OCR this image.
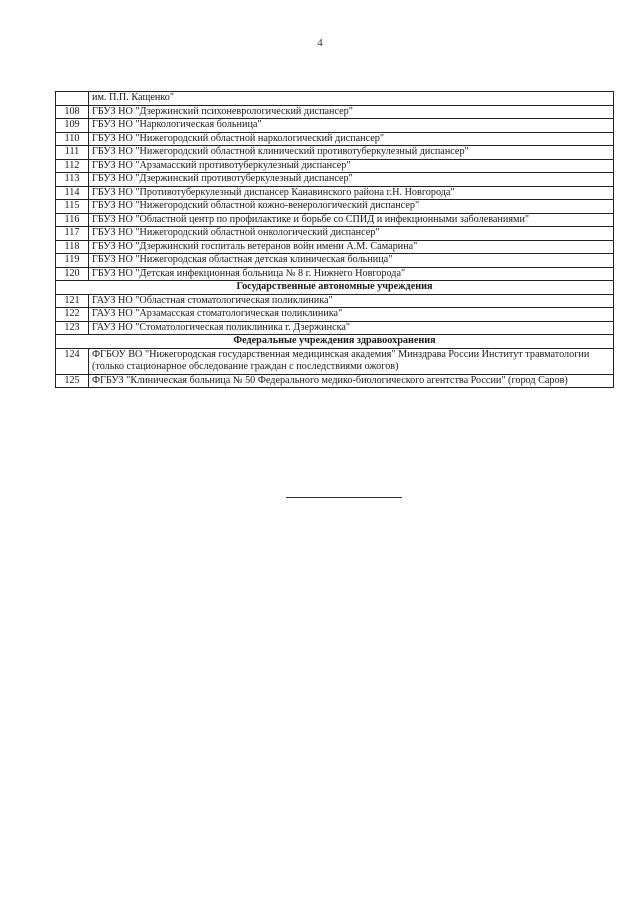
4
	им. П.П. Кащенко"
108	ГБУЗ НО "Дзержинский психоневрологический диспансер"
109	ГБУЗ НО "Наркологическая больница"
110	ГБУЗ НО "Нижегородский областной наркологический диспансер"
111	ГБУЗ НО "Нижегородский областной клинический противотуберкулезный диспансер"
112	ГБУЗ НО "Арзамасский противотуберкулезный диспансер"
113	ГБУЗ НО "Дзержинский противотуберкулезный диспансер"
114	ГБУЗ НО "Противотуберкулезный диспансер Канавинского района г.Н. Новгорода"
115	ГБУЗ НО "Нижегородский областной кожно-венерологический диспансер"
116	ГБУЗ НО "Областной центр по профилактике и борьбе со СПИД и инфекционными заболеваниями"
117	ГБУЗ НО "Нижегородский областной онкологический диспансер"
118	ГБУЗ НО "Дзержинский госпиталь ветеранов войн имени А.М. Самарина"
119	ГБУЗ НО "Нижегородская областная детская клиническая больница"
120	ГБУЗ НО "Детская инфекционная больница № 8 г. Нижнего Новгорода"
Государственные автономные учреждения	
121	ГАУЗ НО "Областная стоматологическая поликлиника"
122	ГАУЗ НО "Арзамасская стоматологическая поликлиника"
123	ГАУЗ НО "Стоматологическая поликлиника г. Дзержинска"
Федеральные учреждения здравоохранения	
124	ФГБОУ ВО "Нижегородская государственная медицинская академия" Минздрава России Институт травматологии (только стационарное обследование граждан с последствиями ожогов)
125	ФГБУЗ "Клиническая больница № 50 Федерального медико-биологического агентства России" (город Саров)
